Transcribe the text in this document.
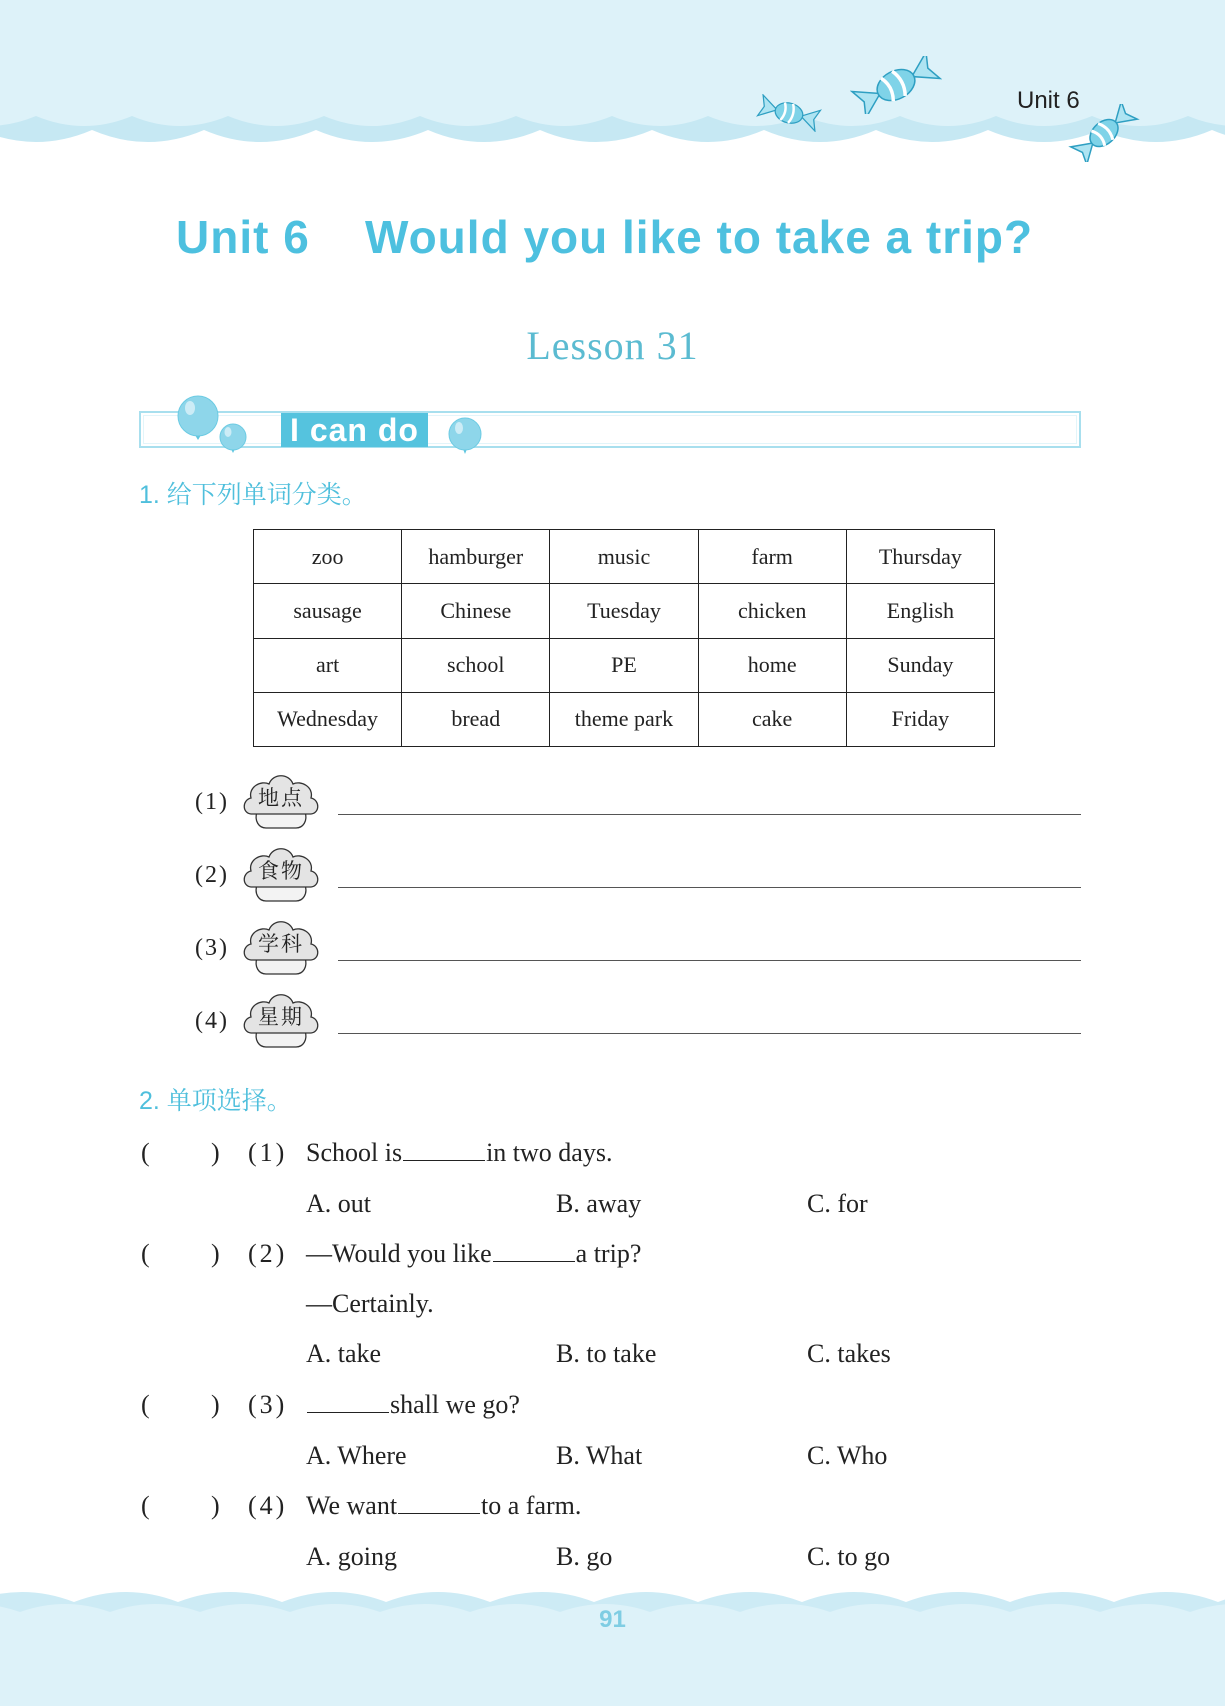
Unit 6
Unit 6 Would you like to take a trip?
Lesson 31
I can do
1. 给下列单词分类。
zoo	hamburger	music	farm	Thursday
sausage	Chinese	Tuesday	chicken	English
art	school	PE	home	Sunday
Wednesday	bread	theme park	cake	Friday
(1)	地点
(2)	食物
(3)	学科
(4)	星期
2. 单项选择。
( ) (1) School is	in two days.
A. out	B. away	C. for
( ) (2) —Would you like	a trip?
—Certainly.
A. take	B. to take	C. takes
( ) (3)	shall we go?
A. Where	B. What	C. Who
( ) (4) We want	to a farm.
A. going	B. go	C. to go
91
